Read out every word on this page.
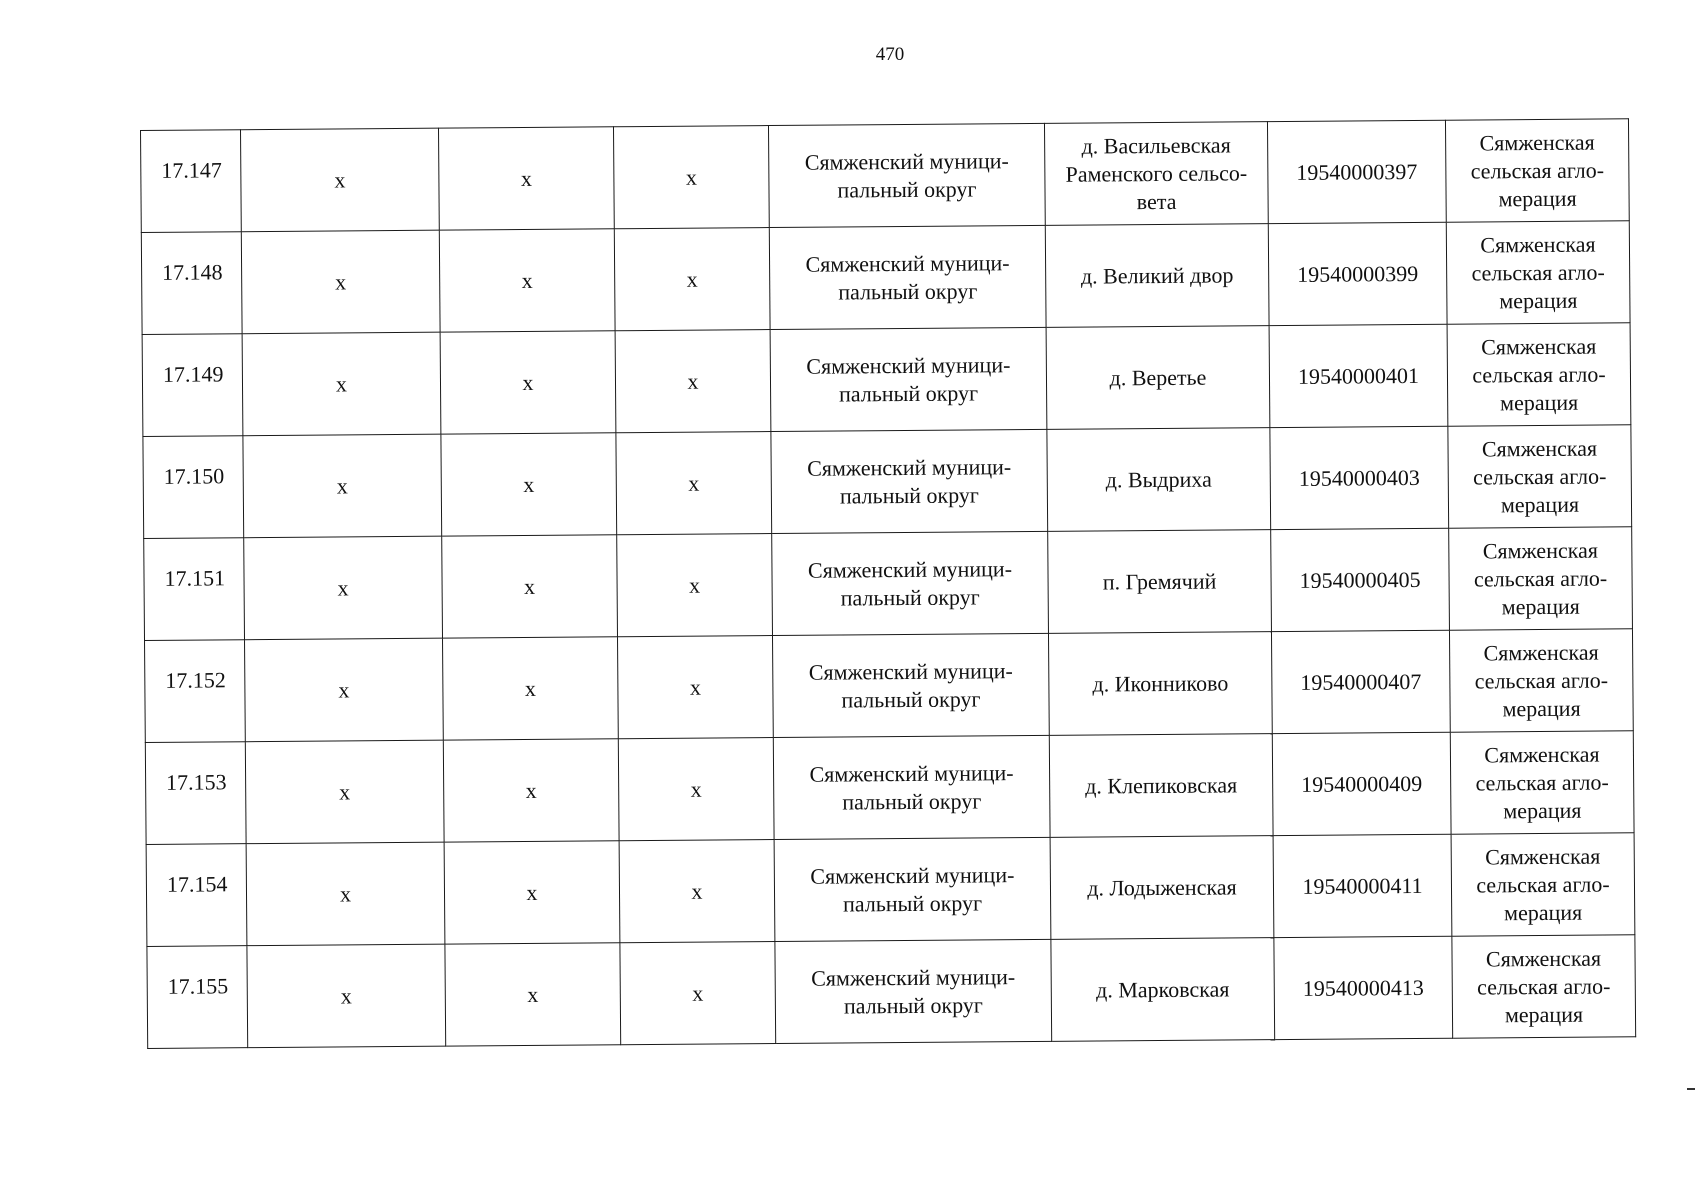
470
17.147	x	x	x	Сямженский муници-
пальный округ	д. Васильевская
Раменского сельсо-
вета	19540000397	Сямженская
сельская агло-
мерация
17.148	x	x	x	Сямженский муници-
пальный округ	д. Великий двор	19540000399	Сямженская
сельская агло-
мерация
17.149	x	x	x	Сямженский муници-
пальный округ	д. Веретье	19540000401	Сямженская
сельская агло-
мерация
17.150	x	x	x	Сямженский муници-
пальный округ	д. Выдриха	19540000403	Сямженская
сельская агло-
мерация
17.151	x	x	x	Сямженский муници-
пальный округ	п. Гремячий	19540000405	Сямженская
сельская агло-
мерация
17.152	x	x	x	Сямженский муници-
пальный округ	д. Иконниково	19540000407	Сямженская
сельская агло-
мерация
17.153	x	x	x	Сямженский муници-
пальный округ	д. Клепиковская	19540000409	Сямженская
сельская агло-
мерация
17.154	x	x	x	Сямженский муници-
пальный округ	д. Лодыженская	19540000411	Сямженская
сельская агло-
мерация
17.155	x	x	x	Сямженский муници-
пальный округ	д. Марковская	19540000413	Сямженская
сельская агло-
мерация
